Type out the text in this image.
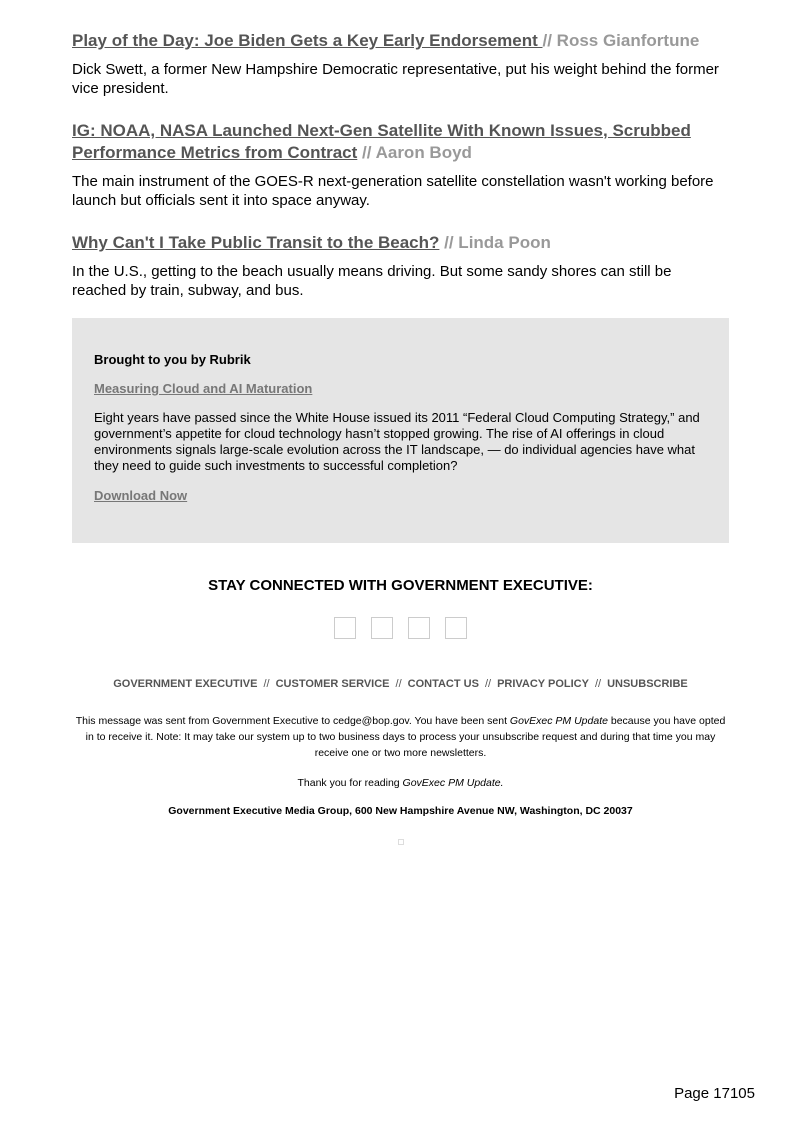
Play of the Day: Joe Biden Gets a Key Early Endorsement // Ross Gianfortune

Dick Swett, a former New Hampshire Democratic representative, put his weight behind the former vice president.

IG: NOAA, NASA Launched Next-Gen Satellite With Known Issues, Scrubbed Performance Metrics from Contract // Aaron Boyd

The main instrument of the GOES-R next-generation satellite constellation wasn't working before launch but officials sent it into space anyway.

Why Can't I Take Public Transit to the Beach? // Linda Poon

In the U.S., getting to the beach usually means driving. But some sandy shores can still be reached by train, subway, and bus.

Brought to you by Rubrik

Measuring Cloud and AI Maturation

Eight years have passed since the White House issued its 2011 “Federal Cloud Computing Strategy,” and government’s appetite for cloud technology hasn’t stopped growing. The rise of AI offerings in cloud environments signals large-scale evolution across the IT landscape, — do individual agencies have what they need to guide such investments to successful completion?

Download Now
STAY CONNECTED WITH GOVERNMENT EXECUTIVE:
GOVERNMENT EXECUTIVE // CUSTOMER SERVICE // CONTACT US // PRIVACY POLICY // UNSUBSCRIBE

This message was sent from Government Executive to cedge@bop.gov. You have been sent GovExec PM Update because you have opted in to receive it. Note: It may take our system up to two business days to process your unsubscribe request and during that time you may receive one or two more newsletters.

Thank you for reading GovExec PM Update.
Government Executive Media Group, 600 New Hampshire Avenue NW, Washington, DC 20037
Page 17105
